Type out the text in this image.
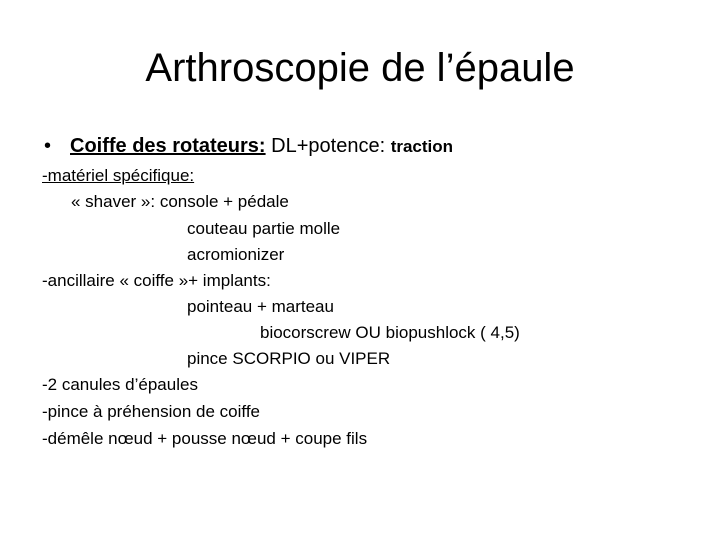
Arthroscopie de l’épaule
• Coiffe des rotateurs: DL+potence: traction
-matériel spécifique:
« shaver »: console + pédale
couteau partie molle
acromionizer
-ancillaire « coiffe »+ implants:
pointeau + marteau
biocorscrew OU biopushlock ( 4,5)
pince SCORPIO ou VIPER
-2 canules d’épaules
-pince à préhension de coiffe
-démêle nœud + pousse nœud + coupe fils
